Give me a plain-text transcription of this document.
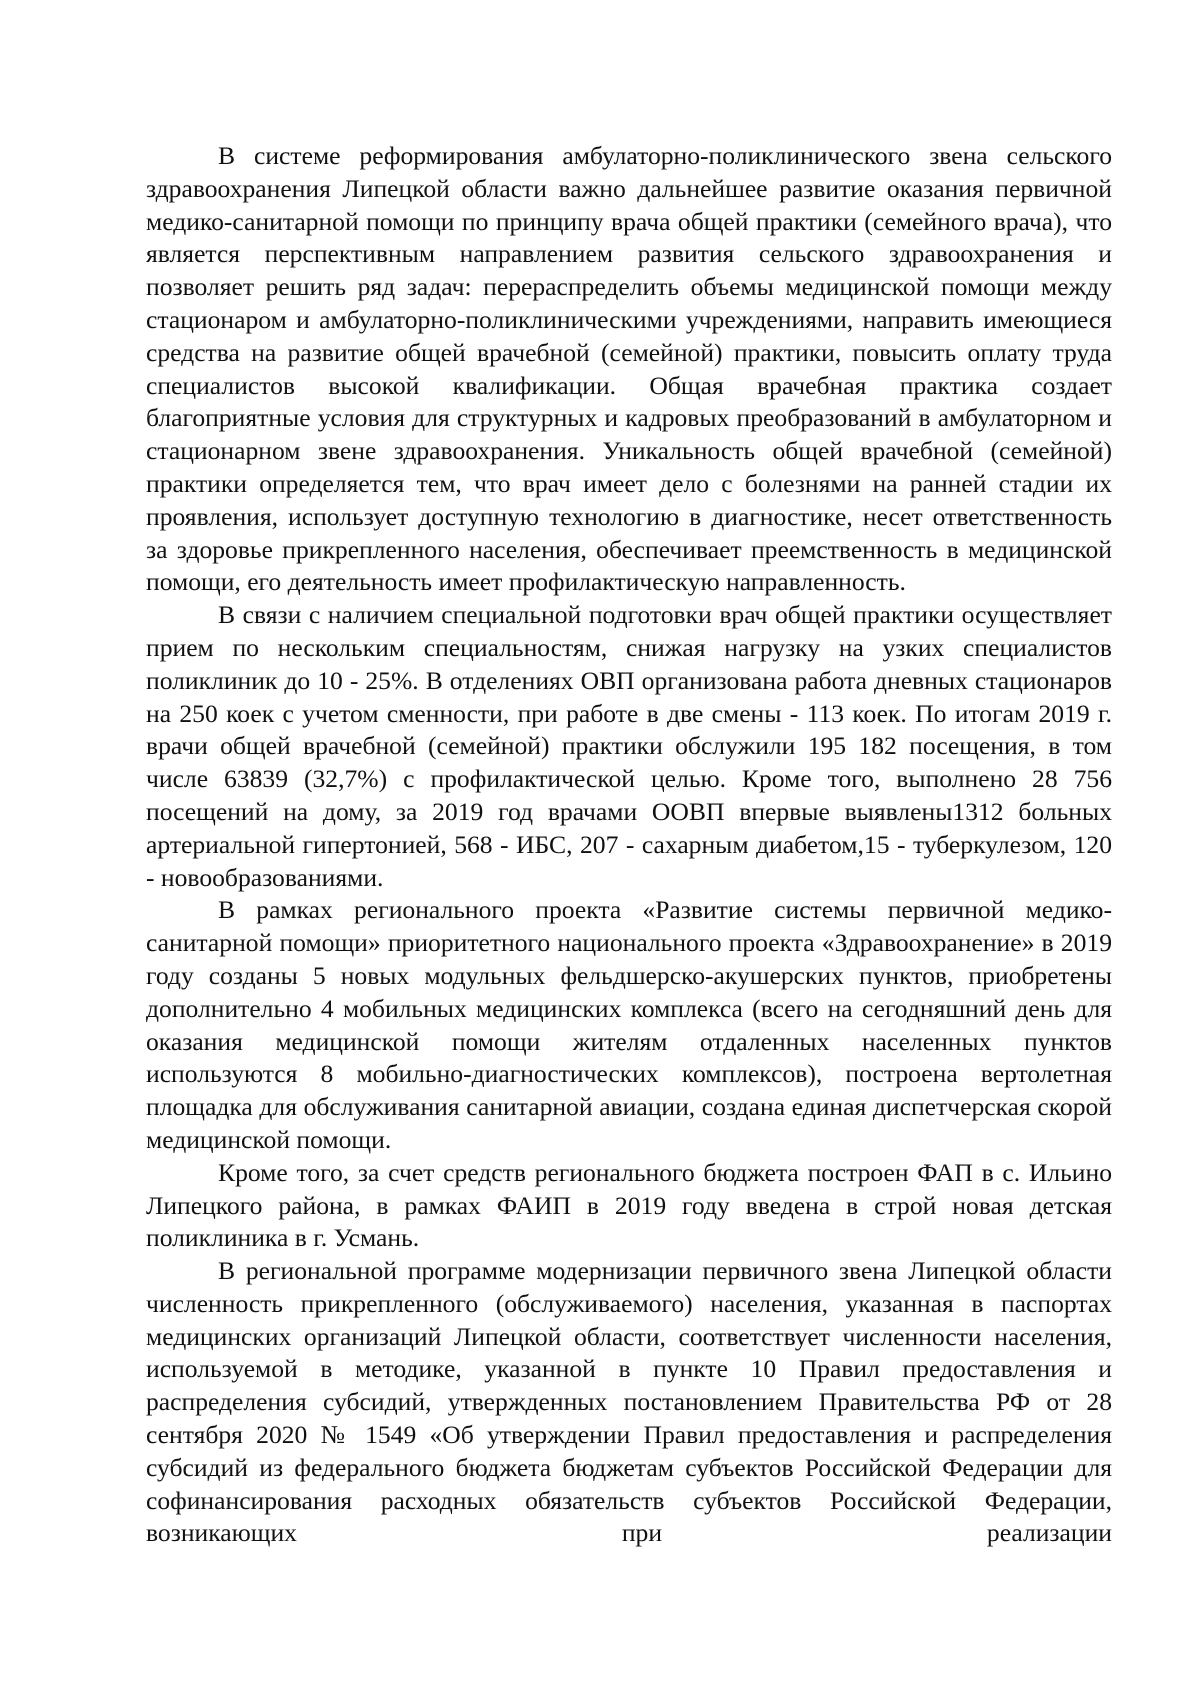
В системе реформирования амбулаторно-поликлинического звена сельского здравоохранения Липецкой области важно дальнейшее развитие оказания первичной медико-санитарной помощи по принципу врача общей практики (семейного врача), что является перспективным направлением развития сельского здравоохранения и позволяет решить ряд задач: перераспределить объемы медицинской помощи между стационаром и амбулаторно-поликлиническими учреждениями, направить имеющиеся средства на развитие общей врачебной (семейной) практики, повысить оплату труда специалистов высокой квалификации. Общая врачебная практика создает благоприятные условия для структурных и кадровых преобразований в амбулаторном и стационарном звене здравоохранения. Уникальность общей врачебной (семейной) практики определяется тем, что врач имеет дело с болезнями на ранней стадии их проявления, использует доступную технологию в диагностике, несет ответственность за здоровье прикрепленного населения, обеспечивает преемственность в медицинской помощи, его деятельность имеет профилактическую направленность.

В связи с наличием специальной подготовки врач общей практики осуществляет прием по нескольким специальностям, снижая нагрузку на узких специалистов поликлиник до 10 - 25%. В отделениях ОВП организована работа дневных стационаров на 250 коек с учетом сменности, при работе в две смены - 113 коек. По итогам 2019 г. врачи общей врачебной (семейной) практики обслужили 195 182 посещения, в том числе 63839 (32,7%) с профилактической целью. Кроме того, выполнено 28 756 посещений на дому, за 2019 год врачами ООВП впервые выявлены1312 больных артериальной гипертонией, 568 - ИБС, 207 - сахарным диабетом,15 - туберкулезом, 120 - новообразованиями.

В рамках регионального проекта «Развитие системы первичной медико-санитарной помощи» приоритетного национального проекта «Здравоохранение» в 2019 году созданы 5 новых модульных фельдшерско-акушерских пунктов, приобретены дополнительно 4 мобильных медицинских комплекса (всего на сегодняшний день для оказания медицинской помощи жителям отдаленных населенных пунктов используются 8 мобильно-диагностических комплексов), построена вертолетная площадка для обслуживания санитарной авиации, создана единая диспетчерская скорой медицинской помощи.

Кроме того, за счет средств регионального бюджета построен ФАП в с. Ильино Липецкого района, в рамках ФАИП в 2019 году введена в строй новая детская поликлиника в г. Усмань.

В региональной программе модернизации первичного звена Липецкой области численность прикрепленного (обслуживаемого) населения, указанная в паспортах медицинских организаций Липецкой области, соответствует численности населения, используемой в методике, указанной в пункте 10 Правил предоставления и распределения субсидий, утвержденных постановлением Правительства РФ от 28 сентября 2020 № 1549 «Об утверждении Правил предоставления и распределения субсидий из федерального бюджета бюджетам субъектов Российской Федерации для софинансирования расходных обязательств субъектов Российской Федерации, возникающих при реализации
